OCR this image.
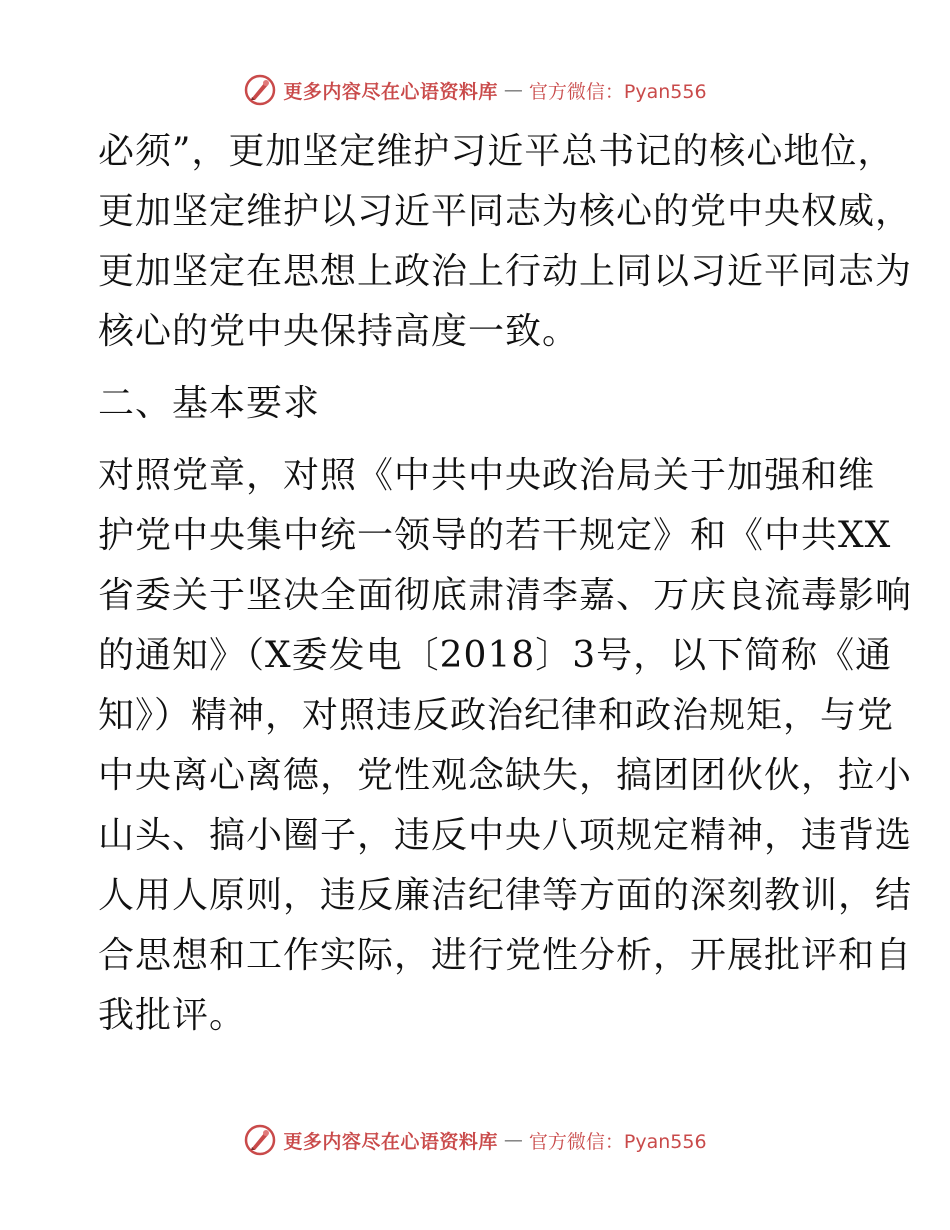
更多内容尽在心语资料库 — 官方微信：Pyan556
必须”，更加坚定维护习近平总书记的核心地位，
更加坚定维护以习近平同志为核心的党中央权威，
更加坚定在思想上政治上行动上同以习近平同志为
核心的党中央保持高度一致。
二、基本要求
对照党章，对照《中共中央政治局关于加强和维
护党中央集中统一领导的若干规定》和《中共XX
省委关于坚决全面彻底肃清李嘉、万庆良流毒影响
的通知》（X委发电〔2018〕3号，以下简称《通
知》）精神，对照违反政治纪律和政治规矩，与党
中央离心离德，党性观念缺失，搞团团伙伙，拉小
山头、搞小圈子，违反中央八项规定精神，违背选
人用人原则，违反廉洁纪律等方面的深刻教训，结
合思想和工作实际，进行党性分析，开展批评和自
我批评。
更多内容尽在心语资料库 — 官方微信：Pyan556
